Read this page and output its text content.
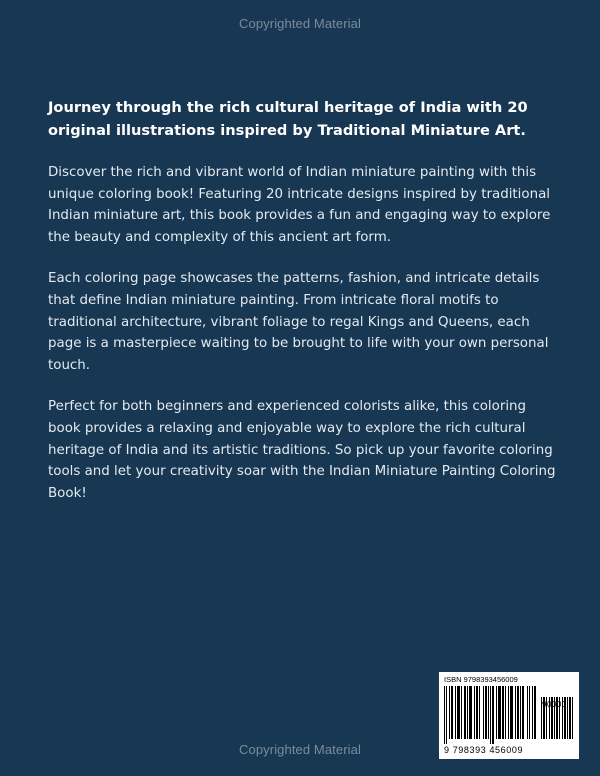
Copyrighted Material

Journey through the rich cultural heritage of India with 20 original illustrations inspired by Traditional Miniature Art.

Discover the rich and vibrant world of Indian miniature painting with this unique coloring book! Featuring 20 intricate designs inspired by traditional Indian miniature art, this book provides a fun and engaging way to explore the beauty and complexity of this ancient art form.

Each coloring page showcases the patterns, fashion, and intricate details that define Indian miniature painting. From intricate floral motifs to traditional architecture, vibrant foliage to regal Kings and Queens, each page is a masterpiece waiting to be brought to life with your own personal touch.

Perfect for both beginners and experienced colorists alike, this coloring book provides a relaxing and enjoyable way to explore the rich cultural heritage of India and its artistic traditions. So pick up your favorite coloring tools and let your creativity soar with the Indian Miniature Painting Coloring Book!

ISBN 9798393456009
9 798393 456009
Copyrighted Material
